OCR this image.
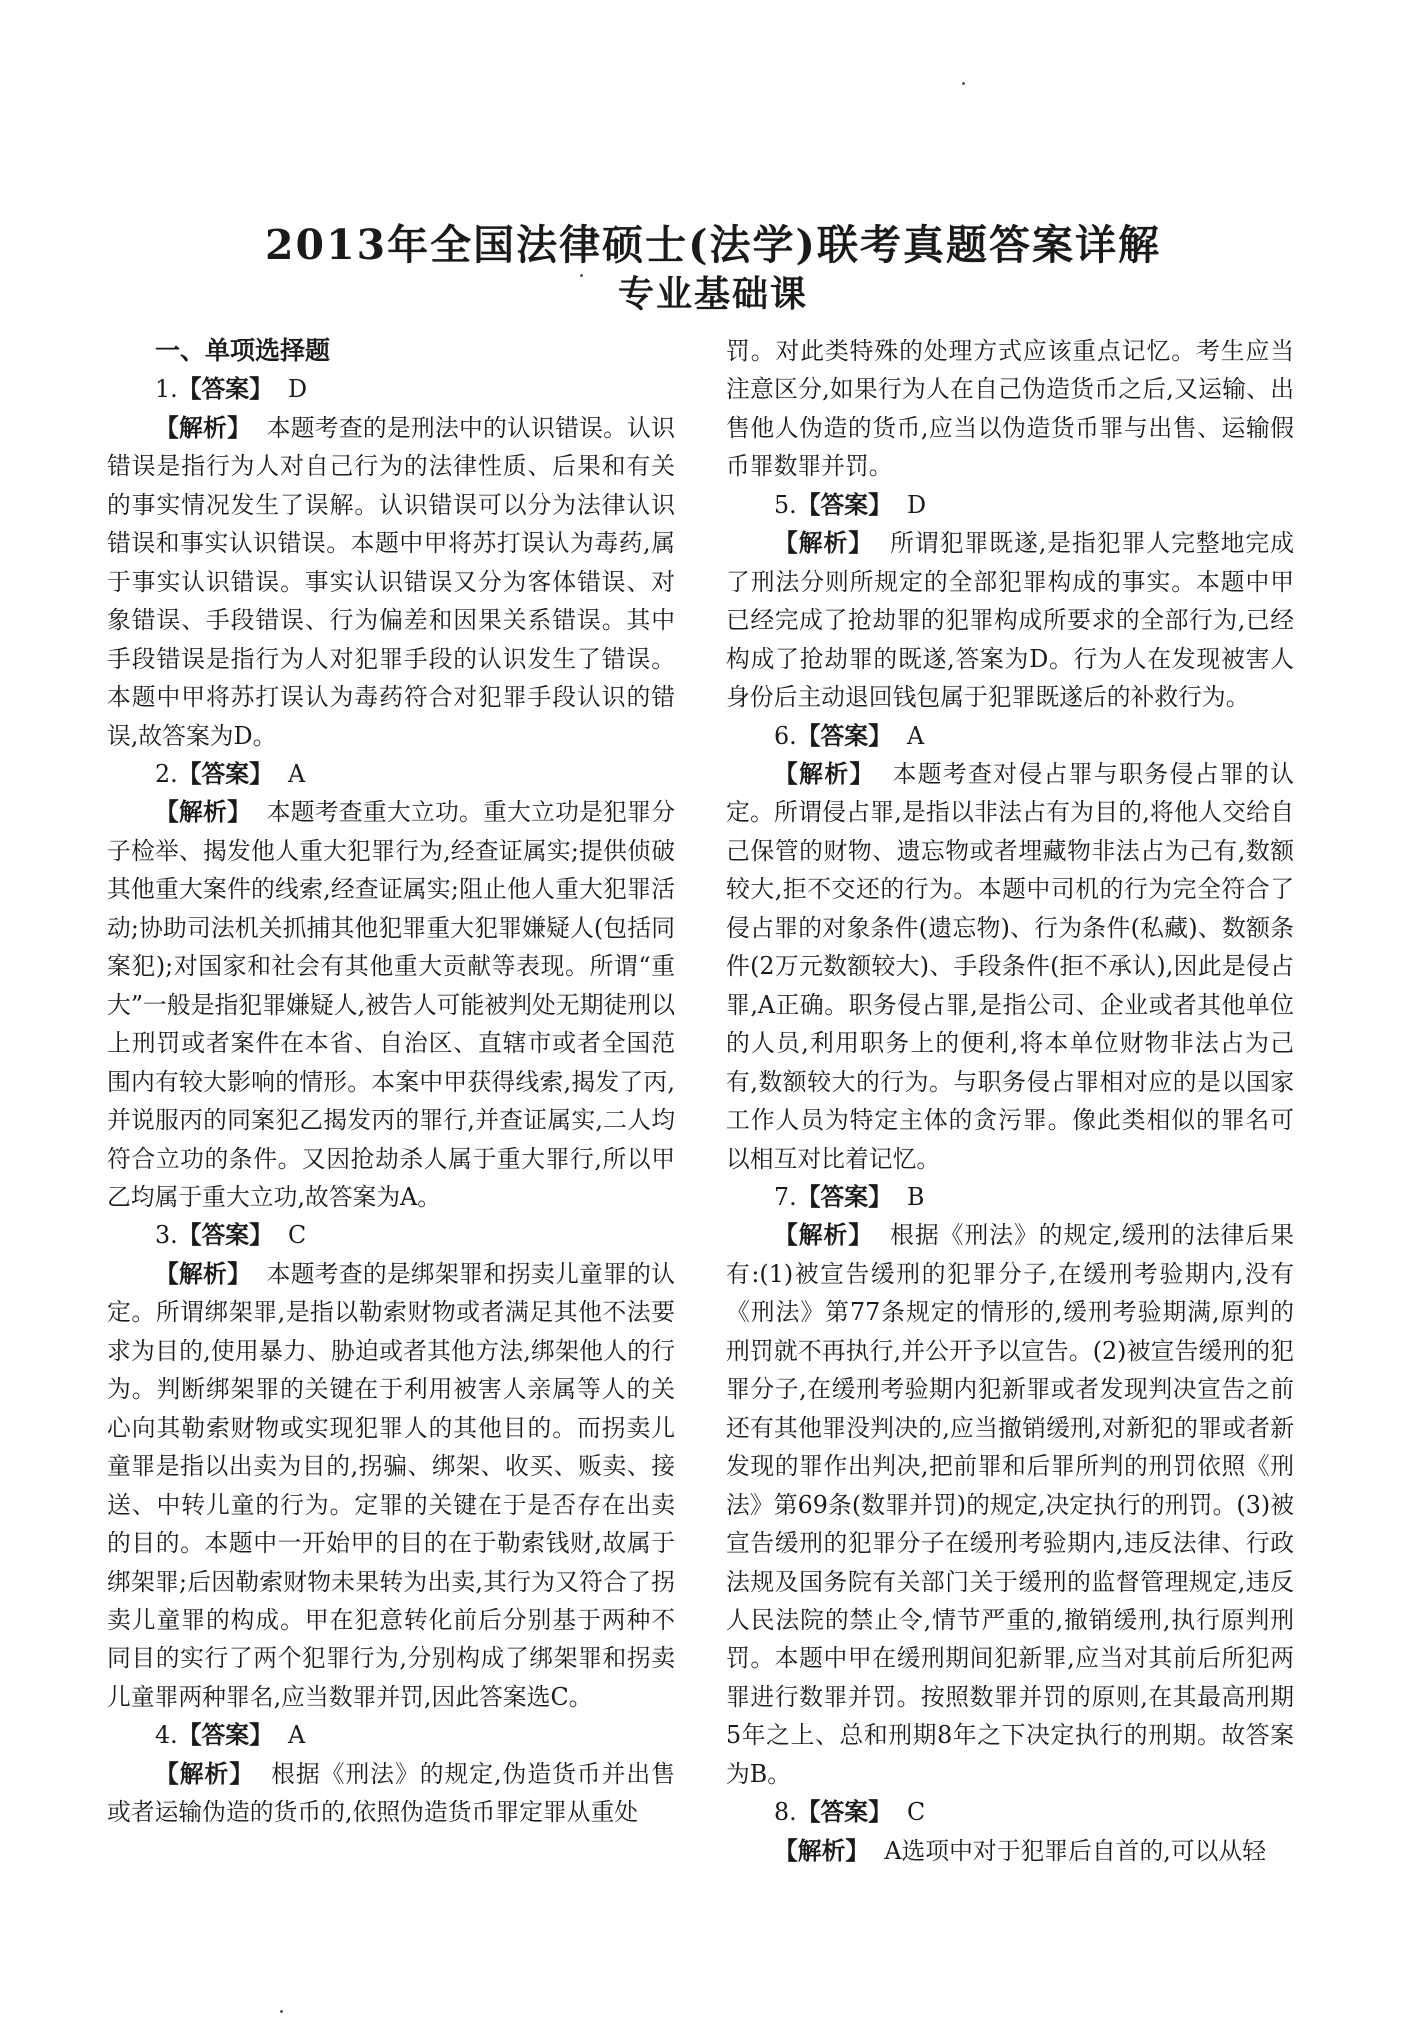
2013年全国法律硕士(法学)联考真题答案详解
专业基础课
一、单项选择题
1.【答案】 D

【解析】 本题考查的是刑法中的认识错误。认识错误是指行为人对自己行为的法律性质、后果和有关的事实情况发生了误解。认识错误可以分为法律认识错误和事实认识错误。本题中甲将苏打误认为毒药,属于事实认识错误。事实认识错误又分为客体错误、对象错误、手段错误、行为偏差和因果关系错误。其中手段错误是指行为人对犯罪手段的认识发生了错误。本题中甲将苏打误认为毒药符合对犯罪手段认识的错误,故答案为D。

2.【答案】 A

【解析】 本题考查重大立功。重大立功是犯罪分子检举、揭发他人重大犯罪行为,经查证属实;提供侦破其他重大案件的线索,经查证属实;阻止他人重大犯罪活动;协助司法机关抓捕其他犯罪重大犯罪嫌疑人(包括同案犯);对国家和社会有其他重大贡献等表现。所谓“重大”一般是指犯罪嫌疑人,被告人可能被判处无期徒刑以上刑罚或者案件在本省、自治区、直辖市或者全国范围内有较大影响的情形。本案中甲获得线索,揭发了丙,并说服丙的同案犯乙揭发丙的罪行,并查证属实,二人均符合立功的条件。又因抢劫杀人属于重大罪行,所以甲乙均属于重大立功,故答案为A。

3.【答案】 C

【解析】 本题考查的是绑架罪和拐卖儿童罪的认定。所谓绑架罪,是指以勒索财物或者满足其他不法要求为目的,使用暴力、胁迫或者其他方法,绑架他人的行为。判断绑架罪的关键在于利用被害人亲属等人的关心向其勒索财物或实现犯罪人的其他目的。而拐卖儿童罪是指以出卖为目的,拐骗、绑架、收买、贩卖、接送、中转儿童的行为。定罪的关键在于是否存在出卖的目的。本题中一开始甲的目的在于勒索钱财,故属于绑架罪;后因勒索财物未果转为出卖,其行为又符合了拐卖儿童罪的构成。甲在犯意转化前后分别基于两种不同目的实行了两个犯罪行为,分别构成了绑架罪和拐卖儿童罪两种罪名,应当数罪并罚,因此答案选C。

4.【答案】 A

【解析】 根据《刑法》的规定,伪造货币并出售或者运输伪造的货币的,依照伪造货币罪定罪从重处

罚。对此类特殊的处理方式应该重点记忆。考生应当注意区分,如果行为人在自己伪造货币之后,又运输、出售他人伪造的货币,应当以伪造货币罪与出售、运输假币罪数罪并罚。

5.【答案】 D

【解析】 所谓犯罪既遂,是指犯罪人完整地完成了刑法分则所规定的全部犯罪构成的事实。本题中甲已经完成了抢劫罪的犯罪构成所要求的全部行为,已经构成了抢劫罪的既遂,答案为D。行为人在发现被害人身份后主动退回钱包属于犯罪既遂后的补救行为。

6.【答案】 A

【解析】 本题考查对侵占罪与职务侵占罪的认定。所谓侵占罪,是指以非法占有为目的,将他人交给自己保管的财物、遗忘物或者埋藏物非法占为己有,数额较大,拒不交还的行为。本题中司机的行为完全符合了侵占罪的对象条件(遗忘物)、行为条件(私藏)、数额条件(2万元数额较大)、手段条件(拒不承认),因此是侵占罪,A正确。职务侵占罪,是指公司、企业或者其他单位的人员,利用职务上的便利,将本单位财物非法占为己有,数额较大的行为。与职务侵占罪相对应的是以国家工作人员为特定主体的贪污罪。像此类相似的罪名可以相互对比着记忆。

7.【答案】 B

【解析】 根据《刑法》的规定,缓刑的法律后果有:(1)被宣告缓刑的犯罪分子,在缓刑考验期内,没有《刑法》第77条规定的情形的,缓刑考验期满,原判的刑罚就不再执行,并公开予以宣告。(2)被宣告缓刑的犯罪分子,在缓刑考验期内犯新罪或者发现判决宣告之前还有其他罪没判决的,应当撤销缓刑,对新犯的罪或者新发现的罪作出判决,把前罪和后罪所判的刑罚依照《刑法》第69条(数罪并罚)的规定,决定执行的刑罚。(3)被宣告缓刑的犯罪分子在缓刑考验期内,违反法律、行政法规及国务院有关部门关于缓刑的监督管理规定,违反人民法院的禁止令,情节严重的,撤销缓刑,执行原判刑罚。本题中甲在缓刑期间犯新罪,应当对其前后所犯两罪进行数罪并罚。按照数罪并罚的原则,在其最高刑期5年之上、总和刑期8年之下决定执行的刑期。故答案为B。

8.【答案】 C

【解析】 A选项中对于犯罪后自首的,可以从轻
